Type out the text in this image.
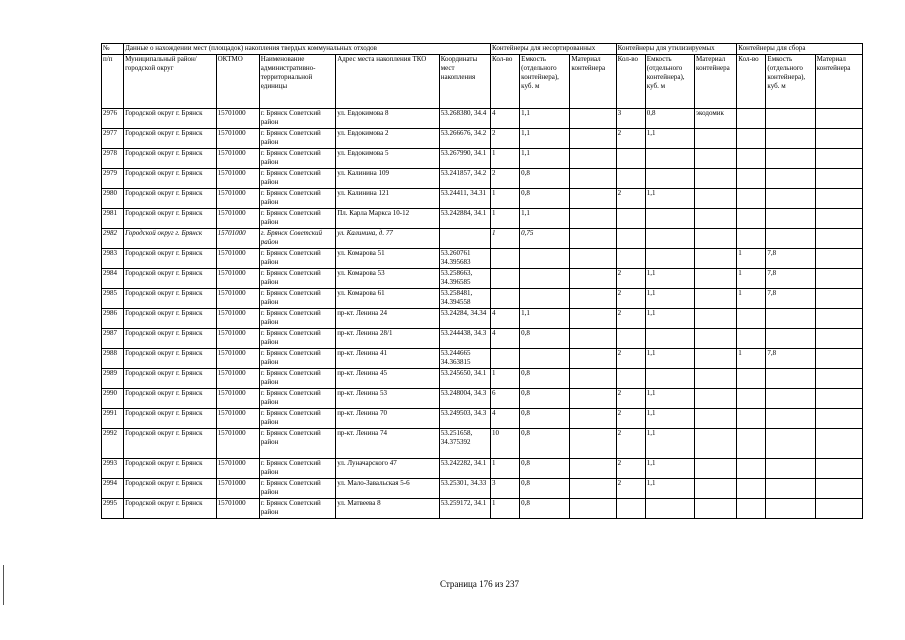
№	Данные о нахождении мест (площадок) накопления твердых коммунальных отходов					Контейнеры для несортированных			Контейнеры для утилизируемых			Контейнеры для сбора		
п/п	Муниципальный район/городской округ	ОКТМО	Наименование административно-территориальной единицы	Адрес места накопления ТКО	Координаты мест накопления	Кол-во	Емкость (отдельного контейнера), куб. м	Материал контейнера	Кол-во	Емкость (отдельного контейнера), куб. м	Материал контейнера	Кол-во	Емкость (отдельного контейнера), куб. м	Материал контейнера
2976	Городской округ г. Брянск	15701000	г. Брянск Советский район	ул. Евдокимова 8	53.268380, 34.4	4	1,1		3	0,8	экодомик			
2977	Городской округ г. Брянск	15701000	г. Брянск Советский район	ул. Евдокимова 2	53.266676, 34.2	2	1,1		2	1,1				
2978	Городской округ г. Брянск	15701000	г. Брянск Советский район	ул. Евдокимова 5	53.267990, 34.1	1	1,1							
2979	Городской округ г. Брянск	15701000	г. Брянск Советский район	ул. Калинина 109	53.241857, 34.2	2	0,8							
2980	Городской округ г. Брянск	15701000	г. Брянск Советский район	ул. Калинина 121	53.24411, 34.31	1	0,8		2	1,1				
2981	Городской округ г. Брянск	15701000	г. Брянск Советский район	Пл. Карла Маркса 10-12	53.242884, 34.1	1	1,1							
2982	Городской округ г. Брянск	15701000	г. Брянск Советский район	ул. Калинина, д. 77		1	0,75							
2983	Городской округ г. Брянск	15701000	г. Брянск Советский район	ул. Комарова 51	53.260761 34.395683							1	7,8	
2984	Городской округ г. Брянск	15701000	г. Брянск Советский район	ул. Комарова 53	53.258663, 34.396585				2	1,1		1	7,8	
2985	Городской округ г. Брянск	15701000	г. Брянск Советский район	ул. Комарова 61	53.258481, 34.394558				2	1,1		1	7,8	
2986	Городской округ г. Брянск	15701000	г. Брянск Советский район	пр-кт. Ленина 24	53.24284, 34.34	4	1,1		2	1,1				
2987	Городской округ г. Брянск	15701000	г. Брянск Советский район	пр-кт. Ленина 28/1	53.244438, 34.3	4	0,8							
2988	Городской округ г. Брянск	15701000	г. Брянск Советский район	пр-кт. Ленина 41	53.244665 34.363815				2	1,1		1	7,8	
2989	Городской округ г. Брянск	15701000	г. Брянск Советский район	пр-кт. Ленина 45	53.245650, 34.1	1	0,8							
2990	Городской округ г. Брянск	15701000	г. Брянск Советский район	пр-кт. Ленина 53	53.248004, 34.3	6	0,8		2	1,1				
2991	Городской округ г. Брянск	15701000	г. Брянск Советский район	пр-кт. Ленина 70	53.249503, 34.3	4	0,8		2	1,1				
2992	Городской округ г. Брянск	15701000	г. Брянск Советский район	пр-кт. Ленина 74	53.251658, 34.375392	10	0,8		2	1,1				
2993	Городской округ г. Брянск	15701000	г. Брянск Советский район	ул. Луначарского 47	53.242282, 34.1	1	0,8		2	1,1				
2994	Городской округ г. Брянск	15701000	г. Брянск Советский район	ул. Мало-Завальская 5-6	53.25301, 34.33	3	0,8		2	1,1				
2995	Городской округ г. Брянск	15701000	г. Брянск Советский район	ул. Матвеева 8	53.259172, 34.1	1	0,8							
Страница 176 из 237
